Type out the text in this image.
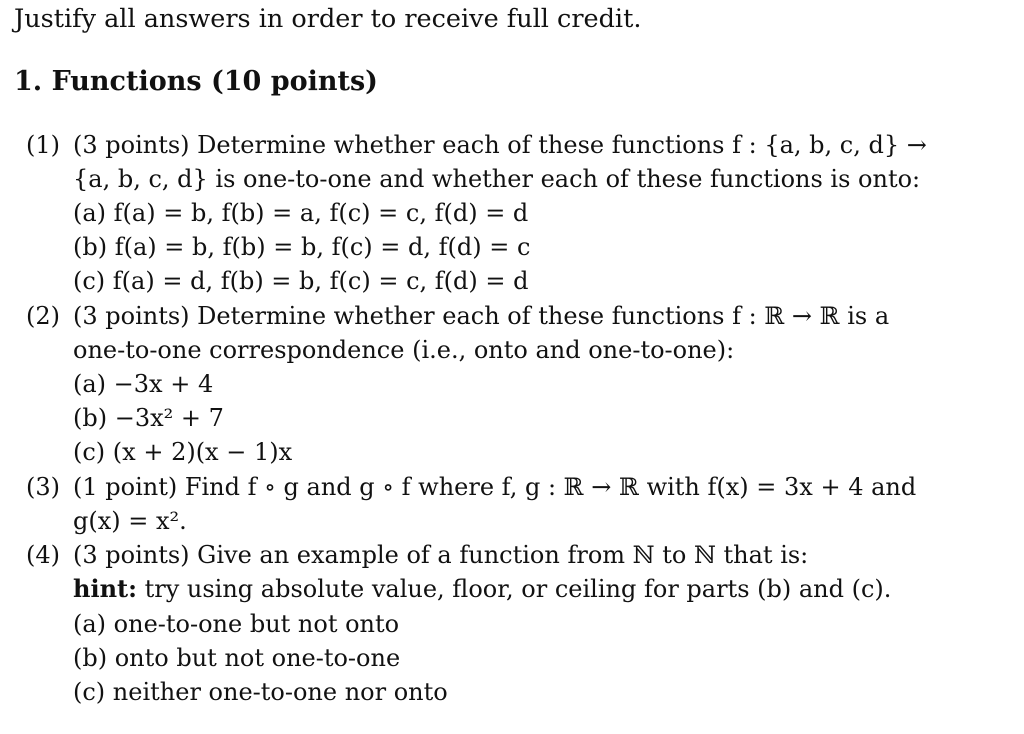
Justify all answers in order to receive full credit.
1. Functions (10 points)
(1) (3 points) Determine whether each of these functions f : {a, b, c, d} →
{a, b, c, d} is one-to-one and whether each of these functions is onto:
(a) f(a) = b, f(b) = a, f(c) = c, f(d) = d
(b) f(a) = b, f(b) = b, f(c) = d, f(d) = c
(c) f(a) = d, f(b) = b, f(c) = c, f(d) = d
(2) (3 points) Determine whether each of these functions f : ℝ → ℝ is a
one-to-one correspondence (i.e., onto and one-to-one):
(a) −3x + 4
(b) −3x² + 7
(c) (x + 2)(x − 1)x
(3) (1 point) Find f ∘ g and g ∘ f where f, g : ℝ → ℝ with f(x) = 3x + 4 and
g(x) = x².
(4) (3 points) Give an example of a function from ℕ to ℕ that is:
hint: try using absolute value, floor, or ceiling for parts (b) and (c).
(a) one-to-one but not onto
(b) onto but not one-to-one
(c) neither one-to-one nor onto
